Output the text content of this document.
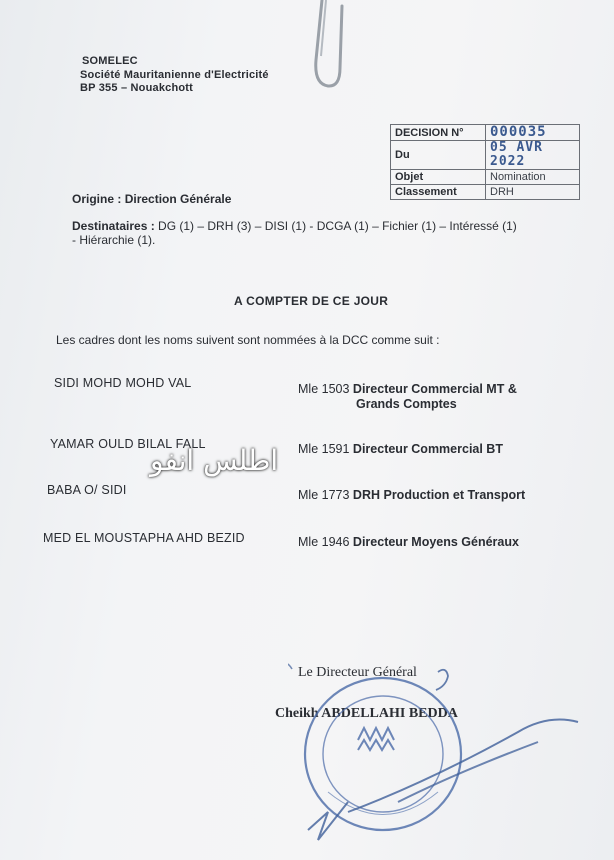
SOMELEC
Société Mauritanienne d'Electricité
BP 355 – Nouakchott
DECISION N°	000035
Du	05 AVR 2022
Objet	Nomination
Classement	DRH
Origine : Direction Générale
Destinataires : DG (1) – DRH (3) – DISI (1) - DCGA (1) – Fichier (1) – Intéressé (1)
- Hiérarchie (1).
A COMPTER DE CE JOUR
Les cadres dont les noms suivent sont nommées à la DCC comme suit :
SIDI MOHD MOHD VAL	Mle 1503 Directeur Commercial MT &
Grands Comptes
YAMAR OULD BILAL FALL	Mle 1591 Directeur Commercial BT
BABA O/ SIDI	Mle 1773 DRH Production et Transport
MED EL MOUSTAPHA AHD BEZID	Mle 1946 Directeur Moyens Généraux
اطلس انفو
Le Directeur Général
Cheikh ABDELLAHI BEDDA
